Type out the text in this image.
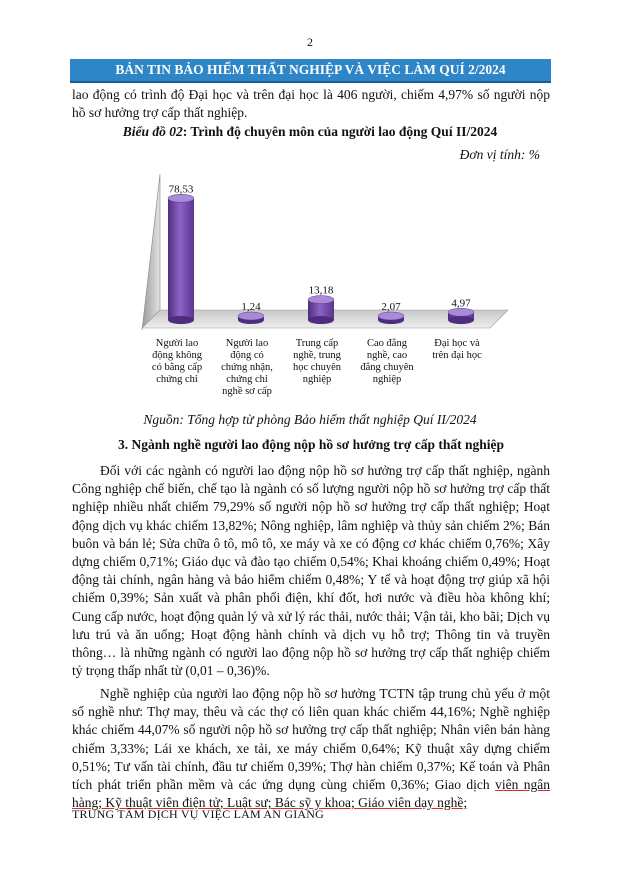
2
BẢN TIN BẢO HIỂM THẤT NGHIỆP VÀ VIỆC LÀM QUÍ 2/2024

lao động có trình độ Đại học và trên đại học là 406 người, chiếm 4,97% số người nộp hồ sơ hưởng trợ cấp thất nghiệp.

Biểu đồ 02: Trình độ chuyên môn của người lao động Quí II/2024
Đơn vị tính: %
78,53
Người lao
động không
có bằng cấp
chứng chỉ
1,24
Người lao
động có
chứng nhận,
chứng chỉ
nghề sơ cấp
13,18
Trung cấp
nghề, trung
học chuyên
nghiệp
2,07
Cao đẳng
nghề, cao
đẳng chuyên
nghiệp
4,97
Đại học và
trên đại học
Nguồn: Tổng hợp từ phòng Bảo hiểm thất nghiệp Quí II/2024
3. Ngành nghề người lao động nộp hồ sơ hưởng trợ cấp thất nghiệp

Đối với các ngành có người lao động nộp hồ sơ hưởng trợ cấp thất nghiệp, ngành Công nghiệp chế biến, chế tạo là ngành có số lượng người nộp hồ sơ hưởng trợ cấp thất nghiệp nhiều nhất chiếm 79,29% số người nộp hồ sơ hưởng trợ cấp thất nghiệp; Hoạt động dịch vụ khác chiếm 13,82%; Nông nghiệp, lâm nghiệp và thủy sản chiếm 2%; Bán buôn và bán lẻ; Sửa chữa ô tô, mô tô, xe máy và xe có động cơ khác chiếm 0,76%; Xây dựng chiếm 0,71%; Giáo dục và đào tạo chiếm 0,54%; Khai khoáng chiếm 0,49%; Hoạt động tài chính, ngân hàng và bảo hiểm chiếm 0,48%; Y tế và hoạt động trợ giúp xã hội chiếm 0,39%; Sản xuất và phân phối điện, khí đốt, hơi nước và điều hòa không khí; Cung cấp nước, hoạt động quản lý và xử lý rác thải, nước thải; Vận tải, kho bãi; Dịch vụ lưu trú và ăn uống; Hoạt động hành chính và dịch vụ hỗ trợ; Thông tin và truyền thông… là những ngành có người lao động nộp hồ sơ hưởng trợ cấp thất nghiệp chiếm tỷ trọng thấp nhất từ (0,01 – 0,36)%.

Nghề nghiệp của người lao động nộp hồ sơ hưởng TCTN tập trung chủ yếu ở một số nghề như: Thợ may, thêu và các thợ có liên quan khác chiếm 44,16%; Nghề nghiệp khác chiếm 44,07% số người nộp hồ sơ hưởng trợ cấp thất nghiệp; Nhân viên bán hàng chiếm 3,33%; Lái xe khách, xe tải, xe máy chiếm 0,64%; Kỹ thuật xây dựng chiếm 0,51%; Tư vấn tài chính, đầu tư chiếm 0,39%; Thợ hàn chiếm 0,37%; Kế toán và Phân tích phát triển phần mềm và các ứng dụng cùng chiếm 0,36%; Giao dịch viên ngân hàng; Kỹ thuật viên điện tử; Luật sư; Bác sỹ y khoa; Giáo viên dạy nghề;

TRUNG TÂM DỊCH VỤ VIỆC LÀM AN GIANG
